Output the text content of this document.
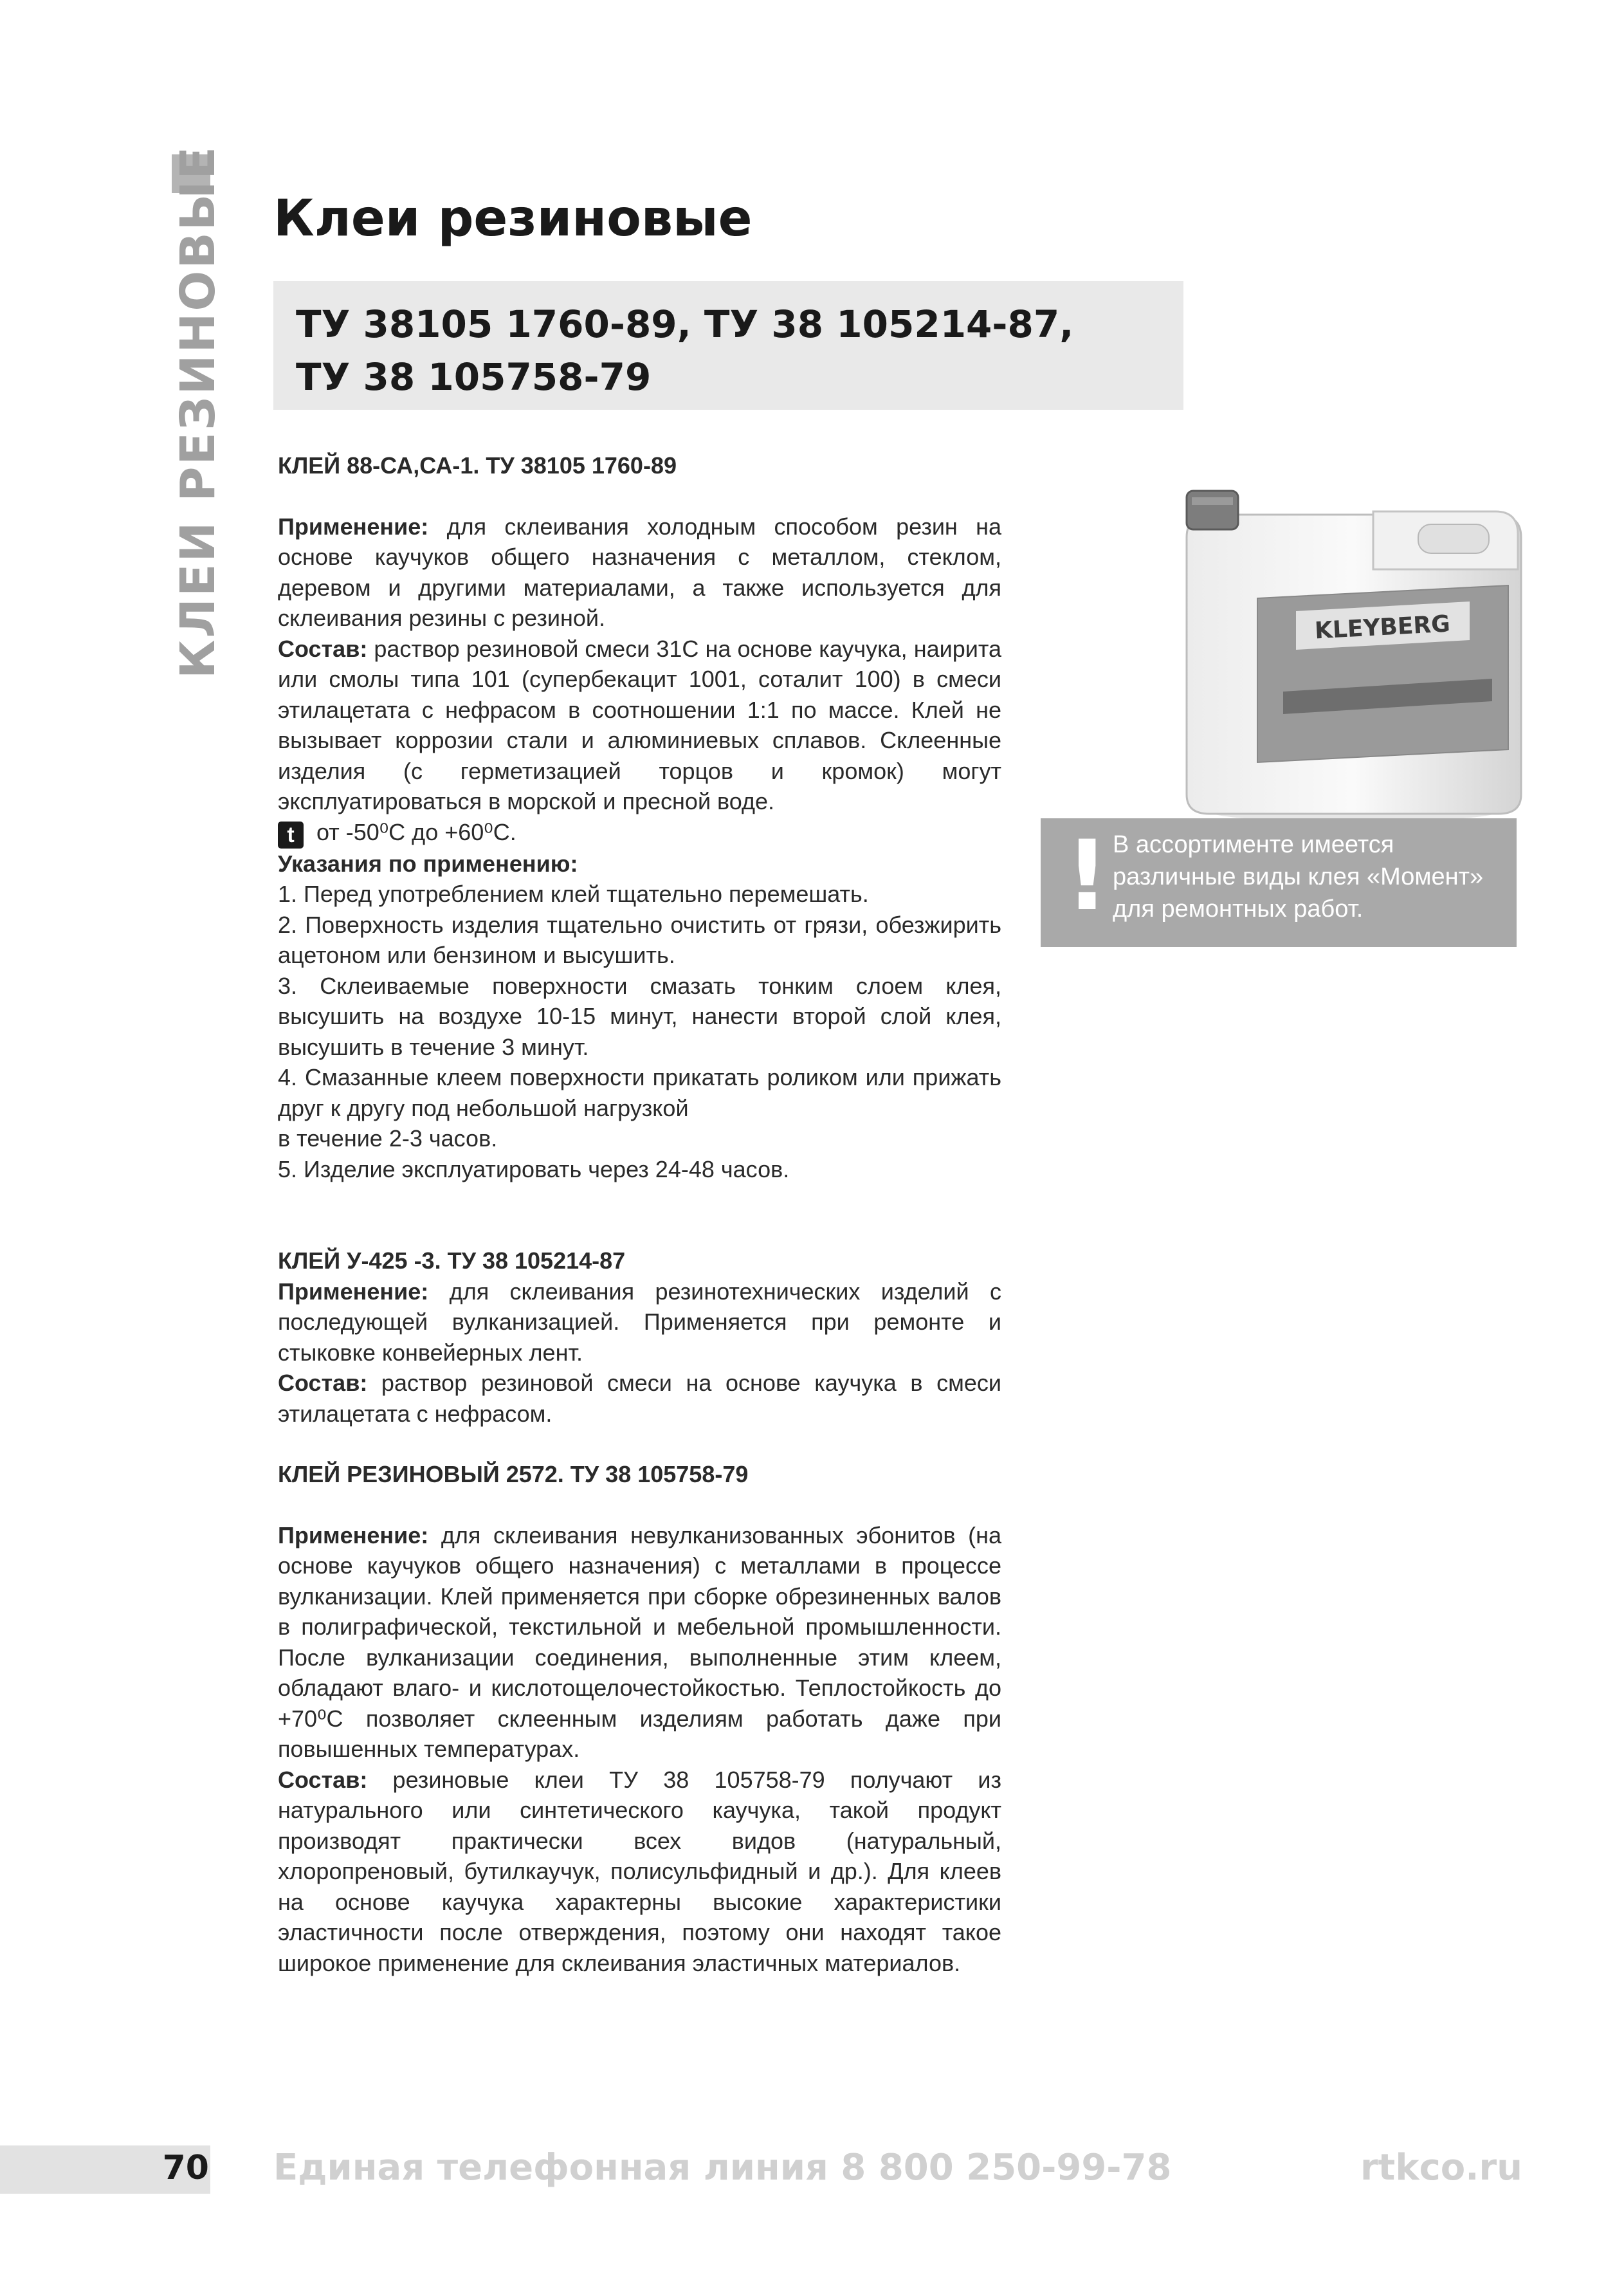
КЛЕИ РЕЗИНОВЫЕ Клеи резиновые
ТУ 38105 1760-89, ТУ 38 105214-87,
ТУ 38 105758-79
КЛЕЙ 88-СА,СА-1. ТУ 38105 1760-89

Применение: для склеивания холодным способом резин на основе каучуков общего назначения с металлом, стеклом, деревом и другими материалами, а также используется для склеивания резины с резиной.

Состав: раствор резиновой смеси 31С на основе каучука, наирита или смолы типа 101 (супербекацит 1001, соталит 100) в смеси этилацетата с нефрасом в соотношении 1:1 по массе. Клей не вызывает коррозии стали и алюминиевых сплавов. Склеенные изделия (с герметизацией торцов и кромок) могут эксплуатироваться в морской и пресной воде.

t от -50⁰С до +60⁰С.

Указания по применению:

1. Перед употреблением клей тщательно перемешать.

2. Поверхность изделия тщательно очистить от грязи, обезжирить ацетоном или бензином и высушить.

3. Склеиваемые поверхности смазать тонким слоем клея, высушить на воздухе 10-15 минут, нанести второй слой клея, высушить в течение 3 минут.

4. Смазанные клеем поверхности прикатать роликом или прижать друг к другу под небольшой нагрузкой

в течение 2-3 часов.

5. Изделие эксплуатировать через 24-48 часов.

КЛЕЙ У-425 -3. ТУ 38 105214-87

Применение: для склеивания резинотехнических изделий с последующей вулканизацией. Применяется при ремонте и стыковке конвейерных лент.

Состав: раствор резиновой смеси на основе каучука в смеси этилацетата с нефрасом.

КЛЕЙ РЕЗИНОВЫЙ 2572. ТУ 38 105758-79

Применение: для склеивания невулканизованных эбонитов (на основе каучуков общего назначения) с металлами в процессе вулканизации. Клей применяется при сборке обрезиненных валов в полиграфической, текстильной и мебельной промышленности. После вулканизации соединения, выполненные этим клеем, обладают влаго- и кислотощелочестойкостью. Теплостойкость до +70⁰С позволяет склеенным изделиям работать даже при повышенных температурах.

Состав: резиновые клеи ТУ 38 105758-79 получают из натурального или синтетического каучука, такой продукт производят практически всех видов (натуральный, хлоропреновый, бутилкаучук, полисульфидный и др.). Для клеев на основе каучука характерны высокие характеристики эластичности после отверждения, поэтому они находят такое широкое применение для склеивания эластичных материалов.

KLEYBERG
! В ассортименте имеется различные виды клея «Момент» для ремонтных работ.
70 Единая телефонная линия 8 800 250-99-78	rtkco.ru
